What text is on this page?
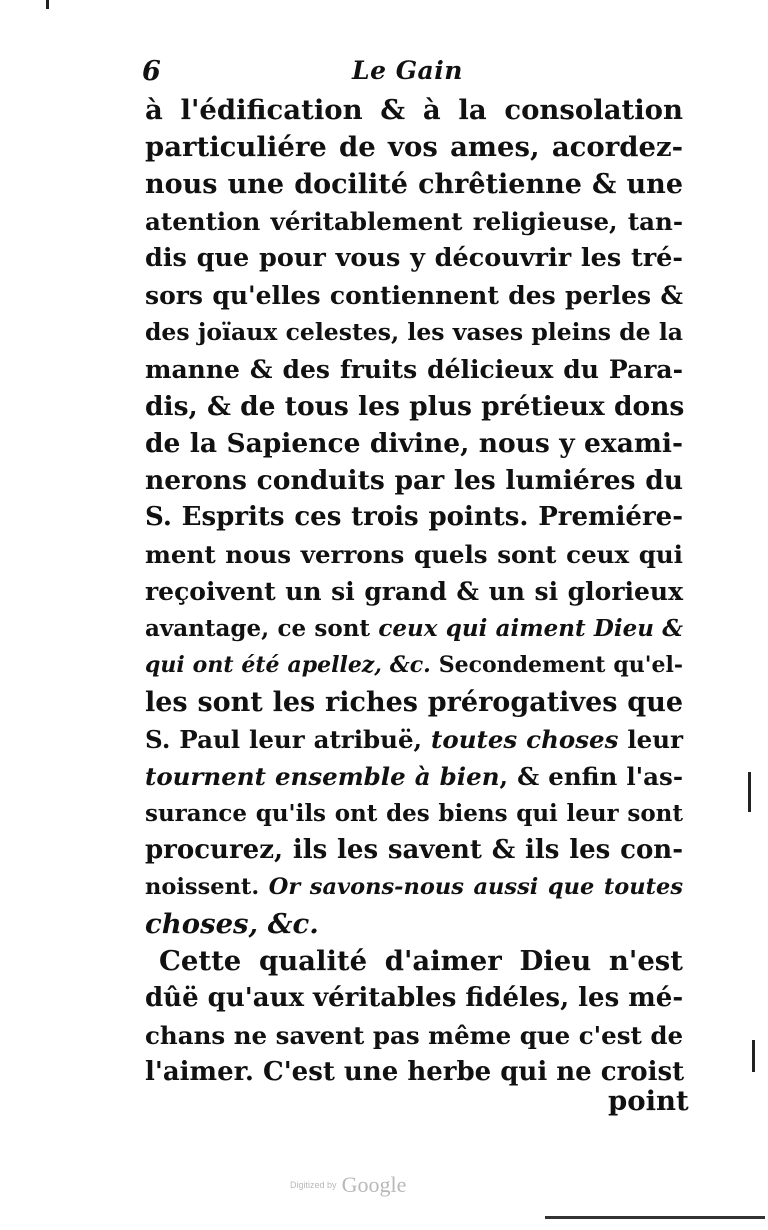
6	Le Gain
à l'édification & à la consolation
particuliére de vos ames, acordez-
nous une docilité chrêtienne & une
atention véritablement religieuse, tan-
dis que pour vous y découvrir les tré-
sors qu'elles contiennent des perles &
des joïaux celestes, les vases pleins de la
manne & des fruits délicieux du Para-
dis, & de tous les plus prétieux dons
de la Sapience divine, nous y exami-
nerons conduits par les lumiéres du
S. Esprits ces trois points. Premiére-
ment nous verrons quels sont ceux qui
reçoivent un si grand & un si glorieux
avantage, ce sont ceux qui aiment Dieu &
qui ont été apellez, &c. Secondement qu'el-
les sont les riches prérogatives que
S. Paul leur atribuë, toutes choses leur
tournent ensemble à bien, & enfin l'as-
surance qu'ils ont des biens qui leur sont
procurez, ils les savent & ils les con-
noissent. Or savons-nous aussi que toutes
choses, &c.
Cette qualité d'aimer Dieu n'est
dûë qu'aux véritables fidéles, les mé-
chans ne savent pas même que c'est de
l'aimer. C'est une herbe qui ne croist
point
Digitized by Google
